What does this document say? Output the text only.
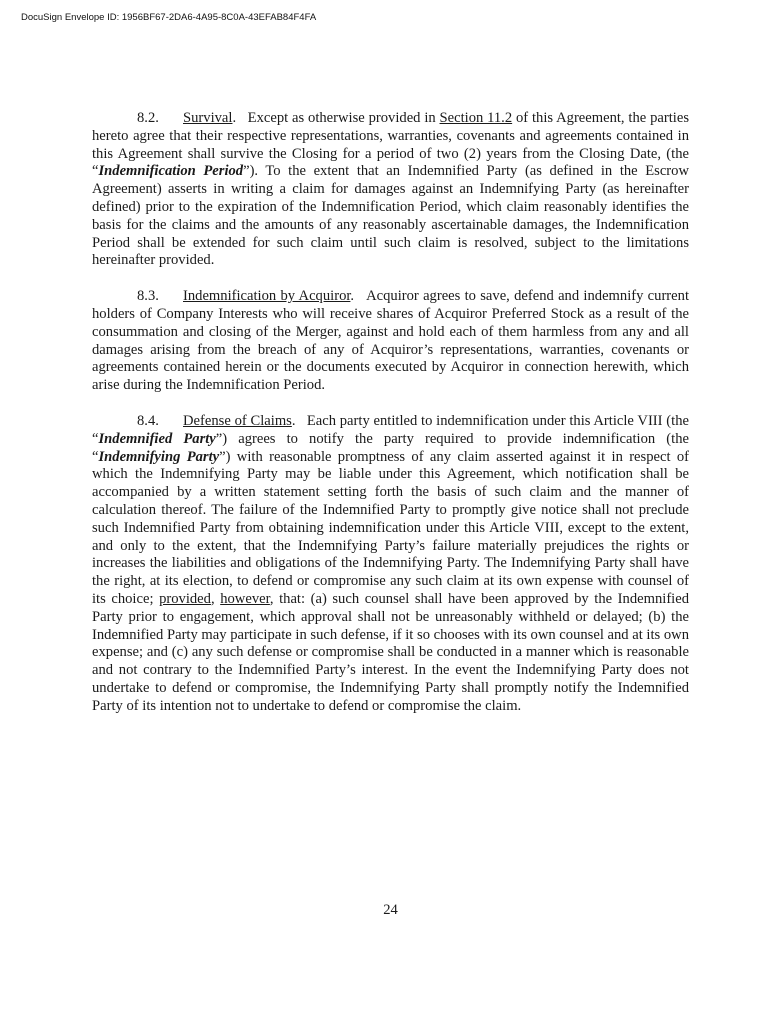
DocuSign Envelope ID: 1956BF67-2DA6-4A95-8C0A-43EFAB84F4FA

8.2. Survival. Except as otherwise provided in Section 11.2 of this Agreement, the parties hereto agree that their respective representations, warranties, covenants and agreements contained in this Agreement shall survive the Closing for a period of two (2) years from the Closing Date, (the “Indemnification Period”). To the extent that an Indemnified Party (as defined in the Escrow Agreement) asserts in writing a claim for damages against an Indemnifying Party (as hereinafter defined) prior to the expiration of the Indemnification Period, which claim reasonably identifies the basis for the claims and the amounts of any reasonably ascertainable damages, the Indemnification Period shall be extended for such claim until such claim is resolved, subject to the limitations hereinafter provided.

8.3. Indemnification by Acquiror. Acquiror agrees to save, defend and indemnify current holders of Company Interests who will receive shares of Acquiror Preferred Stock as a result of the consummation and closing of the Merger, against and hold each of them harmless from any and all damages arising from the breach of any of Acquiror’s representations, warranties, covenants or agreements contained herein or the documents executed by Acquiror in connection herewith, which arise during the Indemnification Period.

8.4. Defense of Claims. Each party entitled to indemnification under this Article VIII (the “Indemnified Party”) agrees to notify the party required to provide indemnification (the “Indemnifying Party”) with reasonable promptness of any claim asserted against it in respect of which the Indemnifying Party may be liable under this Agreement, which notification shall be accompanied by a written statement setting forth the basis of such claim and the manner of calculation thereof. The failure of the Indemnified Party to promptly give notice shall not preclude such Indemnified Party from obtaining indemnification under this Article VIII, except to the extent, and only to the extent, that the Indemnifying Party’s failure materially prejudices the rights or increases the liabilities and obligations of the Indemnifying Party. The Indemnifying Party shall have the right, at its election, to defend or compromise any such claim at its own expense with counsel of its choice; provided, however, that: (a) such counsel shall have been approved by the Indemnified Party prior to engagement, which approval shall not be unreasonably withheld or delayed; (b) the Indemnified Party may participate in such defense, if it so chooses with its own counsel and at its own expense; and (c) any such defense or compromise shall be conducted in a manner which is reasonable and not contrary to the Indemnified Party’s interest. In the event the Indemnifying Party does not undertake to defend or compromise, the Indemnifying Party shall promptly notify the Indemnified Party of its intention not to undertake to defend or compromise the claim.

24
